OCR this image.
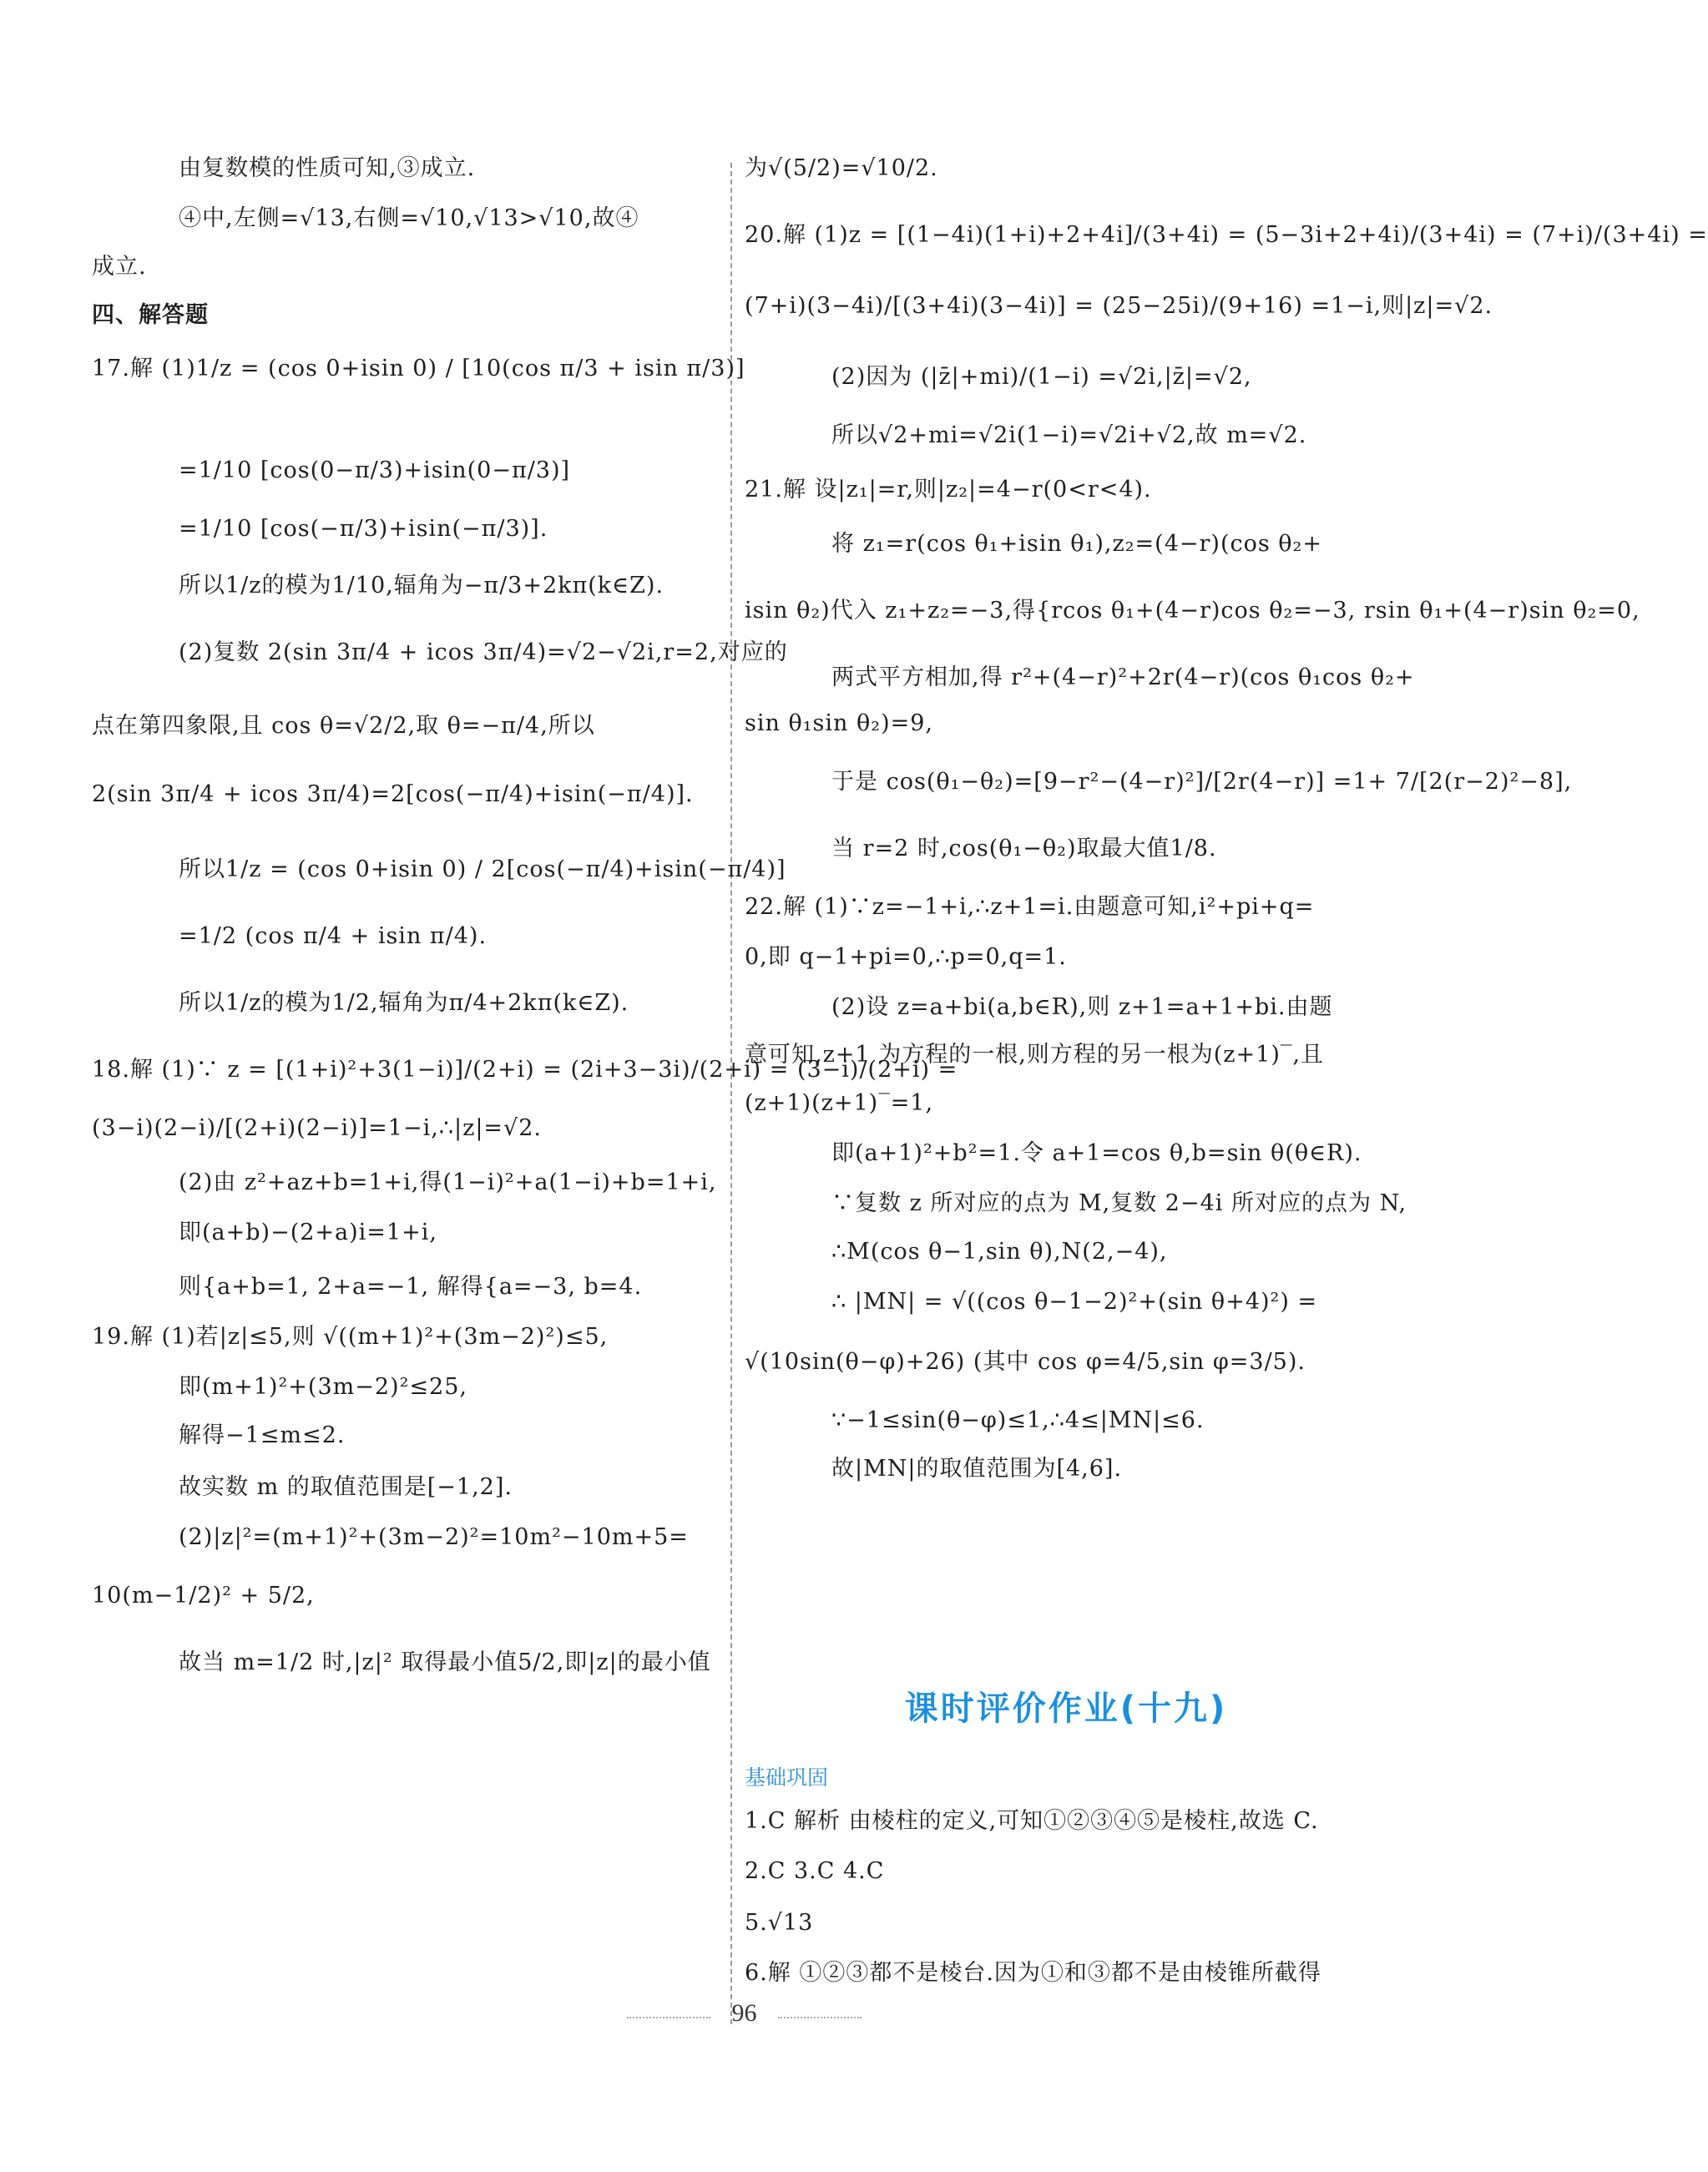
由复数模的性质可知,③成立.
④中,左侧=√13,右侧=√10,√13>√10,故④
成立.
四、解答题
17.解 (1)1/z = (cos 0+isin 0) / [10(cos π/3 + isin π/3)]
=1/10 [cos(0−π/3)+isin(0−π/3)]
=1/10 [cos(−π/3)+isin(−π/3)].
所以1/z的模为1/10,辐角为−π/3+2kπ(k∈Z).
(2)复数 2(sin 3π/4 + icos 3π/4)=√2−√2i,r=2,对应的
点在第四象限,且 cos θ=√2/2,取 θ=−π/4,所以
2(sin 3π/4 + icos 3π/4)=2[cos(−π/4)+isin(−π/4)].
所以1/z = (cos 0+isin 0) / 2[cos(−π/4)+isin(−π/4)]
=1/2 (cos π/4 + isin π/4).
所以1/z的模为1/2,辐角为π/4+2kπ(k∈Z).
18.解 (1)∵ z = [(1+i)²+3(1−i)]/(2+i) = (2i+3−3i)/(2+i) = (3−i)/(2+i) =
(3−i)(2−i)/[(2+i)(2−i)]=1−i,∴|z|=√2.
(2)由 z²+az+b=1+i,得(1−i)²+a(1−i)+b=1+i,
即(a+b)−(2+a)i=1+i,
则{a+b=1, 2+a=−1, 解得{a=−3, b=4.
19.解 (1)若|z|≤5,则 √((m+1)²+(3m−2)²)≤5,
即(m+1)²+(3m−2)²≤25,
解得−1≤m≤2.
故实数 m 的取值范围是[−1,2].
(2)|z|²=(m+1)²+(3m−2)²=10m²−10m+5=
10(m−1/2)² + 5/2,
故当 m=1/2 时,|z|² 取得最小值5/2,即|z|的最小值
课时评价作业(十九)
基础巩固
为√(5/2)=√10/2.
20.解 (1)z = [(1−4i)(1+i)+2+4i]/(3+4i) = (5−3i+2+4i)/(3+4i) = (7+i)/(3+4i) =
(7+i)(3−4i)/[(3+4i)(3−4i)] = (25−25i)/(9+16) =1−i,则|z|=√2.
(2)因为 (|z̄|+mi)/(1−i) =√2i,|z̄|=√2,
所以√2+mi=√2i(1−i)=√2i+√2,故 m=√2.
21.解 设|z₁|=r,则|z₂|=4−r(0<r<4).
将 z₁=r(cos θ₁+isin θ₁),z₂=(4−r)(cos θ₂+
isin θ₂)代入 z₁+z₂=−3,得{rcos θ₁+(4−r)cos θ₂=−3, rsin θ₁+(4−r)sin θ₂=0,
两式平方相加,得 r²+(4−r)²+2r(4−r)(cos θ₁cos θ₂+
sin θ₁sin θ₂)=9,
于是 cos(θ₁−θ₂)=[9−r²−(4−r)²]/[2r(4−r)] =1+ 7/[2(r−2)²−8],
当 r=2 时,cos(θ₁−θ₂)取最大值1/8.
22.解 (1)∵z=−1+i,∴z+1=i.由题意可知,i²+pi+q=
0,即 q−1+pi=0,∴p=0,q=1.
(2)设 z=a+bi(a,b∈R),则 z+1=a+1+bi.由题
意可知,z+1 为方程的一根,则方程的另一根为(z+1)‾,且
(z+1)(z+1)‾=1,
即(a+1)²+b²=1.令 a+1=cos θ,b=sin θ(θ∈R).
∵复数 z 所对应的点为 M,复数 2−4i 所对应的点为 N,
∴M(cos θ−1,sin θ),N(2,−4),
∴ |MN| = √((cos θ−1−2)²+(sin θ+4)²) =
√(10sin(θ−φ)+26) (其中 cos φ=4/5,sin φ=3/5).
∵−1≤sin(θ−φ)≤1,∴4≤|MN|≤6.
故|MN|的取值范围为[4,6].
1.C 解析 由棱柱的定义,可知①②③④⑤是棱柱,故选 C.
2.C 3.C 4.C
5.√13
6.解 ①②③都不是棱台.因为①和③都不是由棱锥所截得
96
